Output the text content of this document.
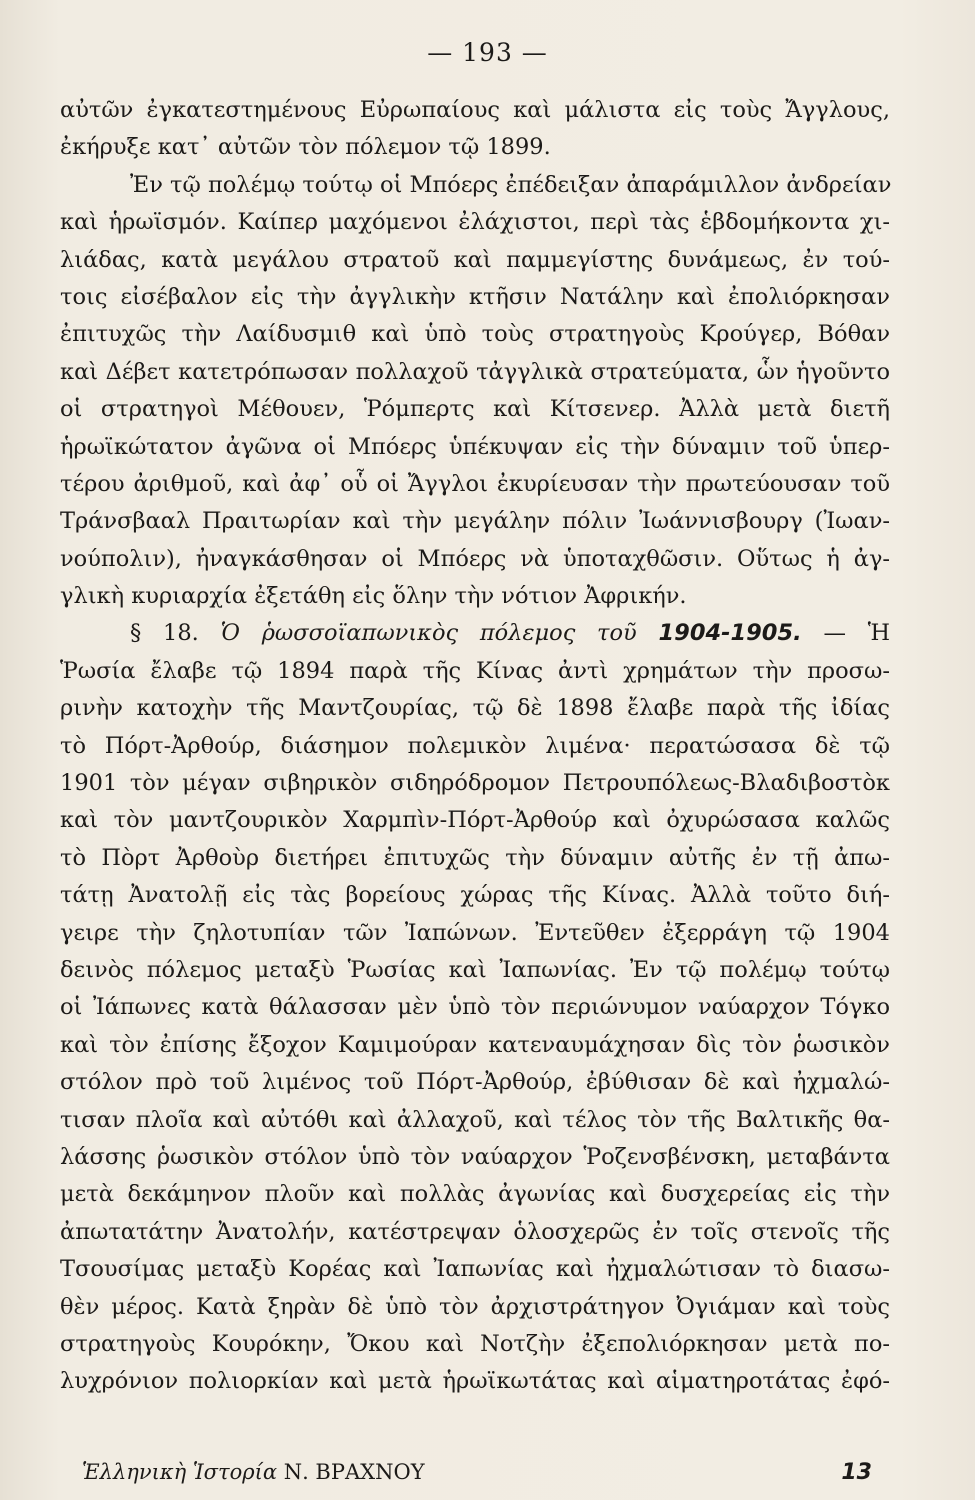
— 193 —
αὐτῶν ἐγκατεστημένους Εὐρωπαίους καὶ μάλιστα εἰς τοὺς Ἄγγλους,
ἐκήρυξε κατ᾿ αὐτῶν τὸν πόλεμον τῷ 1899.
Ἐν τῷ πολέμῳ τούτῳ οἱ Μπόερς ἐπέδειξαν ἀπαράμιλλον ἀνδρείαν
καὶ ἡρωϊσμόν. Καίπερ μαχόμενοι ἐλάχιστοι, περὶ τὰς ἑβδομήκοντα χι-
λιάδας, κατὰ μεγάλου στρατοῦ καὶ παμμεγίστης δυνάμεως, ἐν τού-
τοις εἰσέβαλον εἰς τὴν ἀγγλικὴν κτῆσιν Νατάλην καὶ ἐπολιόρκησαν
ἐπιτυχῶς τὴν Λαίδυσμιθ καὶ ὑπὸ τοὺς στρατηγοὺς Κρούγερ, Βόθαν
καὶ Δέβετ κατετρόπωσαν πολλαχοῦ τἀγγλικὰ στρατεύματα, ὧν ἡγοῦντο
οἱ στρατηγοὶ Μέθουεν, Ῥόμπερτς καὶ Κίτσενερ. Ἀλλὰ μετὰ διετῆ
ἡρωϊκώτατον ἀγῶνα οἱ Μπόερς ὑπέκυψαν εἰς τὴν δύναμιν τοῦ ὑπερ-
τέρου ἀριθμοῦ, καὶ ἀφ᾿ οὗ οἱ Ἄγγλοι ἐκυρίευσαν τὴν πρωτεύουσαν τοῦ
Τράνσβααλ Πραιτωρίαν καὶ τὴν μεγάλην πόλιν Ἰωάννισβουργ (Ἰωαν-
νούπολιν), ἠναγκάσθησαν οἱ Μπόερς νὰ ὑποταχθῶσιν. Οὕτως ἡ ἀγ-
γλικὴ κυριαρχία ἐξετάθη εἰς ὅλην τὴν νότιον Ἀφρικήν.
§ 18. Ὁ ῥωσσοϊαπωνικὸς πόλεμος τοῦ 1904-1905. — Ἡ
Ῥωσία ἔλαβε τῷ 1894 παρὰ τῆς Κίνας ἀντὶ χρημάτων τὴν προσω-
ρινὴν κατοχὴν τῆς Μαντζουρίας, τῷ δὲ 1898 ἔλαβε παρὰ τῆς ἰδίας
τὸ Πόρτ-Ἀρθούρ, διάσημον πολεμικὸν λιμένα· περατώσασα δὲ τῷ
1901 τὸν μέγαν σιβηρικὸν σιδηρόδρομον Πετρουπόλεως-Βλαδιβοστὸκ
καὶ τὸν μαντζουρικὸν Χαρμπὶν-Πόρτ-Ἀρθούρ καὶ ὀχυρώσασα καλῶς
τὸ Πὸρτ Ἀρθοὺρ διετήρει ἐπιτυχῶς τὴν δύναμιν αὐτῆς ἐν τῇ ἀπω-
τάτῃ Ἀνατολῇ εἰς τὰς βορείους χώρας τῆς Κίνας. Ἀλλὰ τοῦτο διή-
γειρε τὴν ζηλοτυπίαν τῶν Ἰαπώνων. Ἐντεῦθεν ἐξερράγη τῷ 1904
δεινὸς πόλεμος μεταξὺ Ῥωσίας καὶ Ἰαπωνίας. Ἐν τῷ πολέμῳ τούτῳ
οἱ Ἰάπωνες κατὰ θάλασσαν μὲν ὑπὸ τὸν περιώνυμον ναύαρχον Τόγκο
καὶ τὸν ἐπίσης ἔξοχον Καμιμούραν κατεναυμάχησαν δὶς τὸν ῥωσικὸν
στόλον πρὸ τοῦ λιμένος τοῦ Πόρτ-Ἀρθούρ, ἐβύθισαν δὲ καὶ ἠχμαλώ-
τισαν πλοῖα καὶ αὐτόθι καὶ ἀλλαχοῦ, καὶ τέλος τὸν τῆς Βαλτικῆς θα-
λάσσης ῥωσικὸν στόλον ὑπὸ τὸν ναύαρχον Ῥοζενσβένσκη, μεταβάντα
μετὰ δεκάμηνον πλοῦν καὶ πολλὰς ἀγωνίας καὶ δυσχερείας εἰς τὴν
ἀπωτατάτην Ἀνατολήν, κατέστρεψαν ὁλοσχερῶς ἐν τοῖς στενοῖς τῆς
Τσουσίμας μεταξὺ Κορέας καὶ Ἰαπωνίας καὶ ἠχμαλώτισαν τὸ διασω-
θὲν μέρος. Κατὰ ξηρὰν δὲ ὑπὸ τὸν ἀρχιστράτηγον Ὀγιάμαν καὶ τοὺς
στρατηγοὺς Κουρόκην, Ὄκου καὶ Νοτζὴν ἐξεπολιόρκησαν μετὰ πο-
λυχρόνιον πολιορκίαν καὶ μετὰ ἡρωϊκωτάτας καὶ αἱματηροτάτας ἐφό-
Ἑλληνικὴ Ἱστορία Ν. ΒΡΑΧΝΟΥ	13
